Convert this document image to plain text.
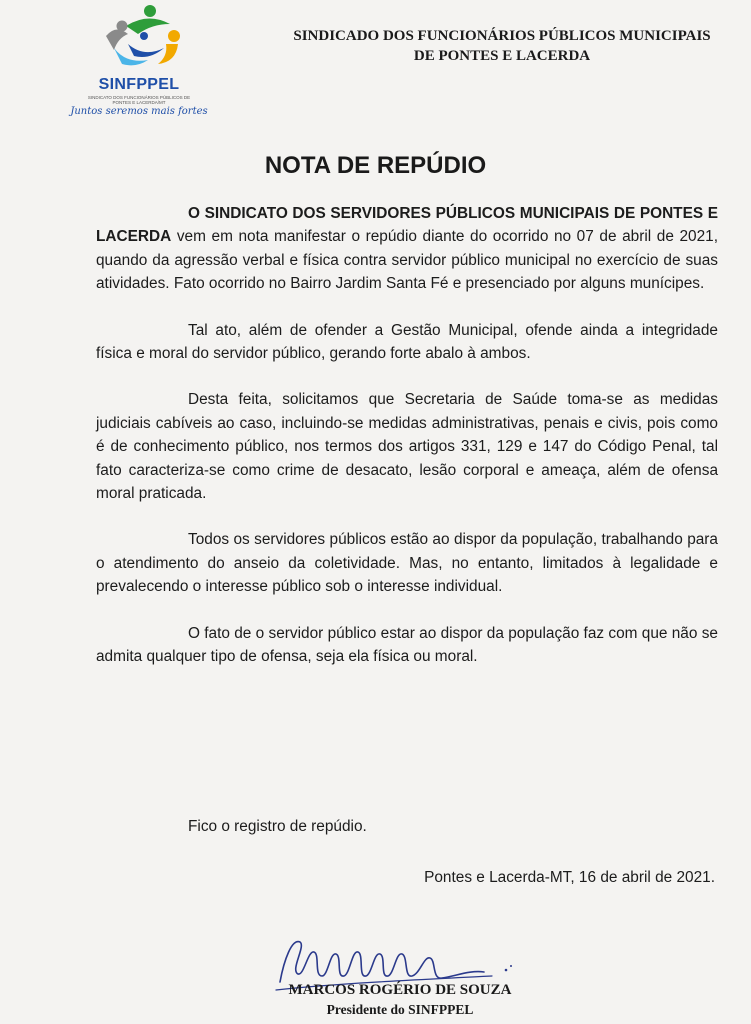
SINFPPEL
SINDICATO DOS FUNCIONÁRIOS PÚBLICOS DE PONTES E LACERDA/MT
Juntos seremos mais fortes
SINDICADO DOS FUNCIONÁRIOS PÚBLICOS MUNICIPAIS
DE PONTES E LACERDA
NOTA DE REPÚDIO

O SINDICATO DOS SERVIDORES PÚBLICOS MUNICIPAIS DE PONTES E LACERDA vem em nota manifestar o repúdio diante do ocorrido no 07 de abril de 2021, quando da agressão verbal e física contra servidor público municipal no exercício de suas atividades. Fato ocorrido no Bairro Jardim Santa Fé e presenciado por alguns munícipes.

Tal ato, além de ofender a Gestão Municipal, ofende ainda a integridade física e moral do servidor público, gerando forte abalo à ambos.

Desta feita, solicitamos que Secretaria de Saúde toma-se as medidas judiciais cabíveis ao caso, incluindo-se medidas administrativas, penais e civis, pois como é de conhecimento público, nos termos dos artigos 331, 129 e 147 do Código Penal, tal fato caracteriza-se como crime de desacato, lesão corporal e ameaça, além de ofensa moral praticada.

Todos os servidores públicos estão ao dispor da população, trabalhando para o atendimento do anseio da coletividade. Mas, no entanto, limitados à legalidade e prevalecendo o interesse público sob o interesse individual.

O fato de o servidor público estar ao dispor da população faz com que não se admita qualquer tipo de ofensa, seja ela física ou moral.

Fico o registro de repúdio.
Pontes e Lacerda-MT, 16 de abril de 2021.
MARCOS ROGÉRIO DE SOUZA
Presidente do SINFPPEL
